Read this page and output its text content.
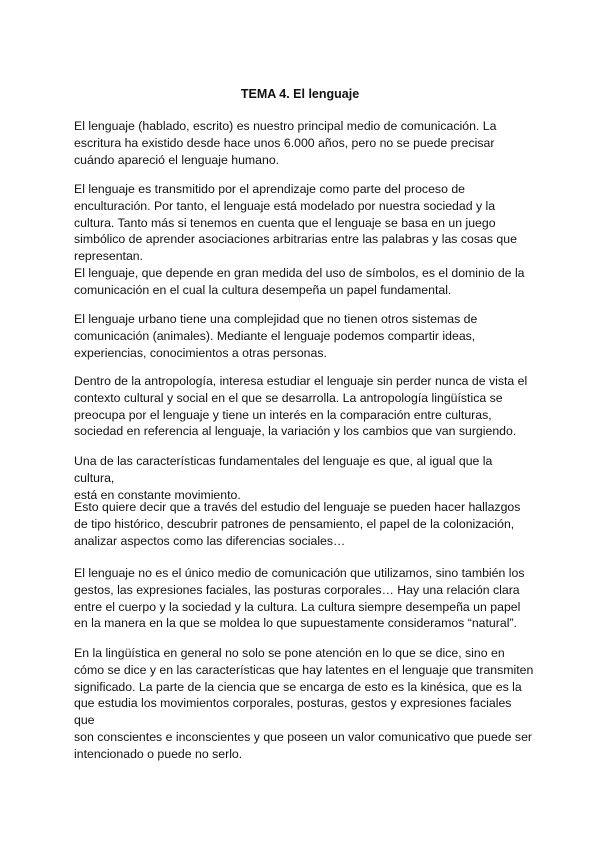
TEMA 4. El lenguaje

El lenguaje (hablado, escrito) es nuestro principal medio de comunicación. La
escritura ha existido desde hace unos 6.000 años, pero no se puede precisar
cuándo apareció el lenguaje humano.

El lenguaje es transmitido por el aprendizaje como parte del proceso de
enculturación. Por tanto, el lenguaje está modelado por nuestra sociedad y la
cultura. Tanto más si tenemos en cuenta que el lenguaje se basa en un juego
simbólico de aprender asociaciones arbitrarias entre las palabras y las cosas que
representan.
El lenguaje, que depende en gran medida del uso de símbolos, es el dominio de la
comunicación en el cual la cultura desempeña un papel fundamental.

El lenguaje urbano tiene una complejidad que no tienen otros sistemas de
comunicación (animales). Mediante el lenguaje podemos compartir ideas,
experiencias, conocimientos a otras personas.

Dentro de la antropología, interesa estudiar el lenguaje sin perder nunca de vista el
contexto cultural y social en el que se desarrolla. La antropología lingüística se
preocupa por el lenguaje y tiene un interés en la comparación entre culturas,
sociedad en referencia al lenguaje, la variación y los cambios que van surgiendo.

Una de las características fundamentales del lenguaje es que, al igual que la cultura,
está en constante movimiento.

Esto quiere decir que a través del estudio del lenguaje se pueden hacer hallazgos
de tipo histórico, descubrir patrones de pensamiento, el papel de la colonización,
analizar aspectos como las diferencias sociales…

El lenguaje no es el único medio de comunicación que utilizamos, sino también los
gestos, las expresiones faciales, las posturas corporales… Hay una relación clara
entre el cuerpo y la sociedad y la cultura. La cultura siempre desempeña un papel
en la manera en la que se moldea lo que supuestamente consideramos “natural”.

En la lingüística en general no solo se pone atención en lo que se dice, sino en
cómo se dice y en las características que hay latentes en el lenguaje que transmiten
significado. La parte de la ciencia que se encarga de esto es la kinésica, que es la
que estudia los movimientos corporales, posturas, gestos y expresiones faciales que
son conscientes e inconscientes y que poseen un valor comunicativo que puede ser
intencionado o puede no serlo.
